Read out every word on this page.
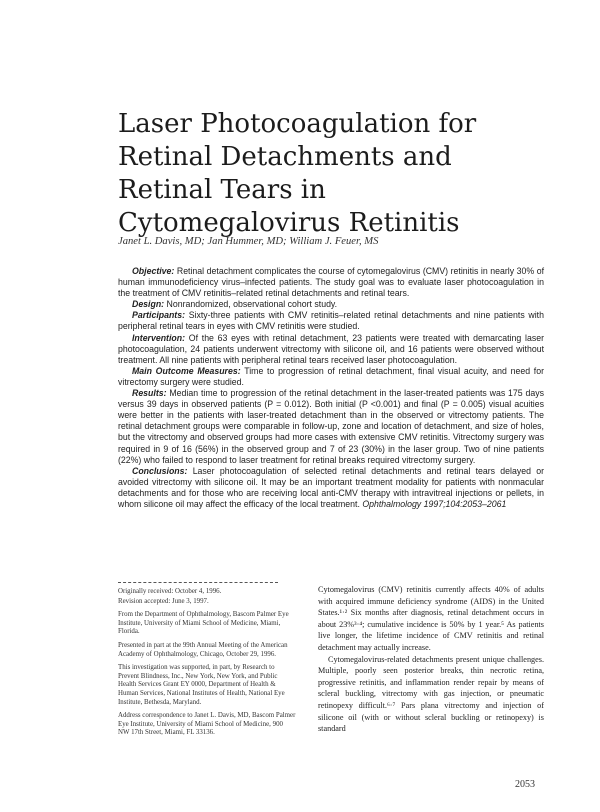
Laser Photocoagulation for Retinal Detachments and Retinal Tears in Cytomegalovirus Retinitis
Janet L. Davis, MD; Jan Hummer, MD; William J. Feuer, MS

Objective: Retinal detachment complicates the course of cytomegalovirus (CMV) retinitis in nearly 30% of human immunodeficiency virus–infected patients. The study goal was to evaluate laser photocoagulation in the treatment of CMV retinitis–related retinal detachments and retinal tears.

Design: Nonrandomized, observational cohort study.

Participants: Sixty-three patients with CMV retinitis–related retinal detachments and nine patients with peripheral retinal tears in eyes with CMV retinitis were studied.

Intervention: Of the 63 eyes with retinal detachment, 23 patients were treated with demarcating laser photocoagulation, 24 patients underwent vitrectomy with silicone oil, and 16 patients were observed without treatment. All nine patients with peripheral retinal tears received laser photocoagulation.

Main Outcome Measures: Time to progression of retinal detachment, final visual acuity, and need for vitrectomy surgery were studied.

Results: Median time to progression of the retinal detachment in the laser-treated patients was 175 days versus 39 days in observed patients (P = 0.012). Both initial (P <0.001) and final (P = 0.005) visual acuities were better in the patients with laser-treated detachment than in the observed or vitrectomy patients. The retinal detachment groups were comparable in follow-up, zone and location of detachment, and size of holes, but the vitrectomy and observed groups had more cases with extensive CMV retinitis. Vitrectomy surgery was required in 9 of 16 (56%) in the observed group and 7 of 23 (30%) in the laser group. Two of nine patients (22%) who failed to respond to laser treatment for retinal breaks required vitrectomy surgery.

Conclusions: Laser photocoagulation of selected retinal detachments and retinal tears delayed or avoided vitrectomy with silicone oil. It may be an important treatment modality for patients with nonmacular detachments and for those who are receiving local anti-CMV therapy with intravitreal injections or pellets, in whom silicone oil may affect the efficacy of the local treatment. Ophthalmology 1997;104:2053–2061

Originally received: October 4, 1996.

Revision accepted: June 3, 1997.

From the Department of Ophthalmology, Bascom Palmer Eye Institute, University of Miami School of Medicine, Miami, Florida.

Presented in part at the 99th Annual Meeting of the American Academy of Ophthalmology, Chicago, October 29, 1996.

This investigation was supported, in part, by Research to Prevent Blindness, Inc., New York, New York, and Public Health Services Grant EY 0000, Department of Health & Human Services, National Institutes of Health, National Eye Institute, Bethesda, Maryland.

Address correspondence to Janet L. Davis, MD, Bascom Palmer Eye Institute, University of Miami School of Medicine, 900 NW 17th Street, Miami, FL 33136.

Cytomegalovirus (CMV) retinitis currently affects 40% of adults with acquired immune deficiency syndrome (AIDS) in the United States.¹·² Six months after diagnosis, retinal detachment occurs in about 23%³·⁴; cumulative incidence is 50% by 1 year.⁵ As patients live longer, the lifetime incidence of CMV retinitis and retinal detachment may actually increase.

Cytomegalovirus-related detachments present unique challenges. Multiple, poorly seen posterior breaks, thin necrotic retina, progressive retinitis, and inflammation render repair by means of scleral buckling, vitrectomy with gas injection, or pneumatic retinopexy difficult.⁶·⁷ Pars plana vitrectomy and injection of silicone oil (with or without scleral buckling or retinopexy) is standard

2053
